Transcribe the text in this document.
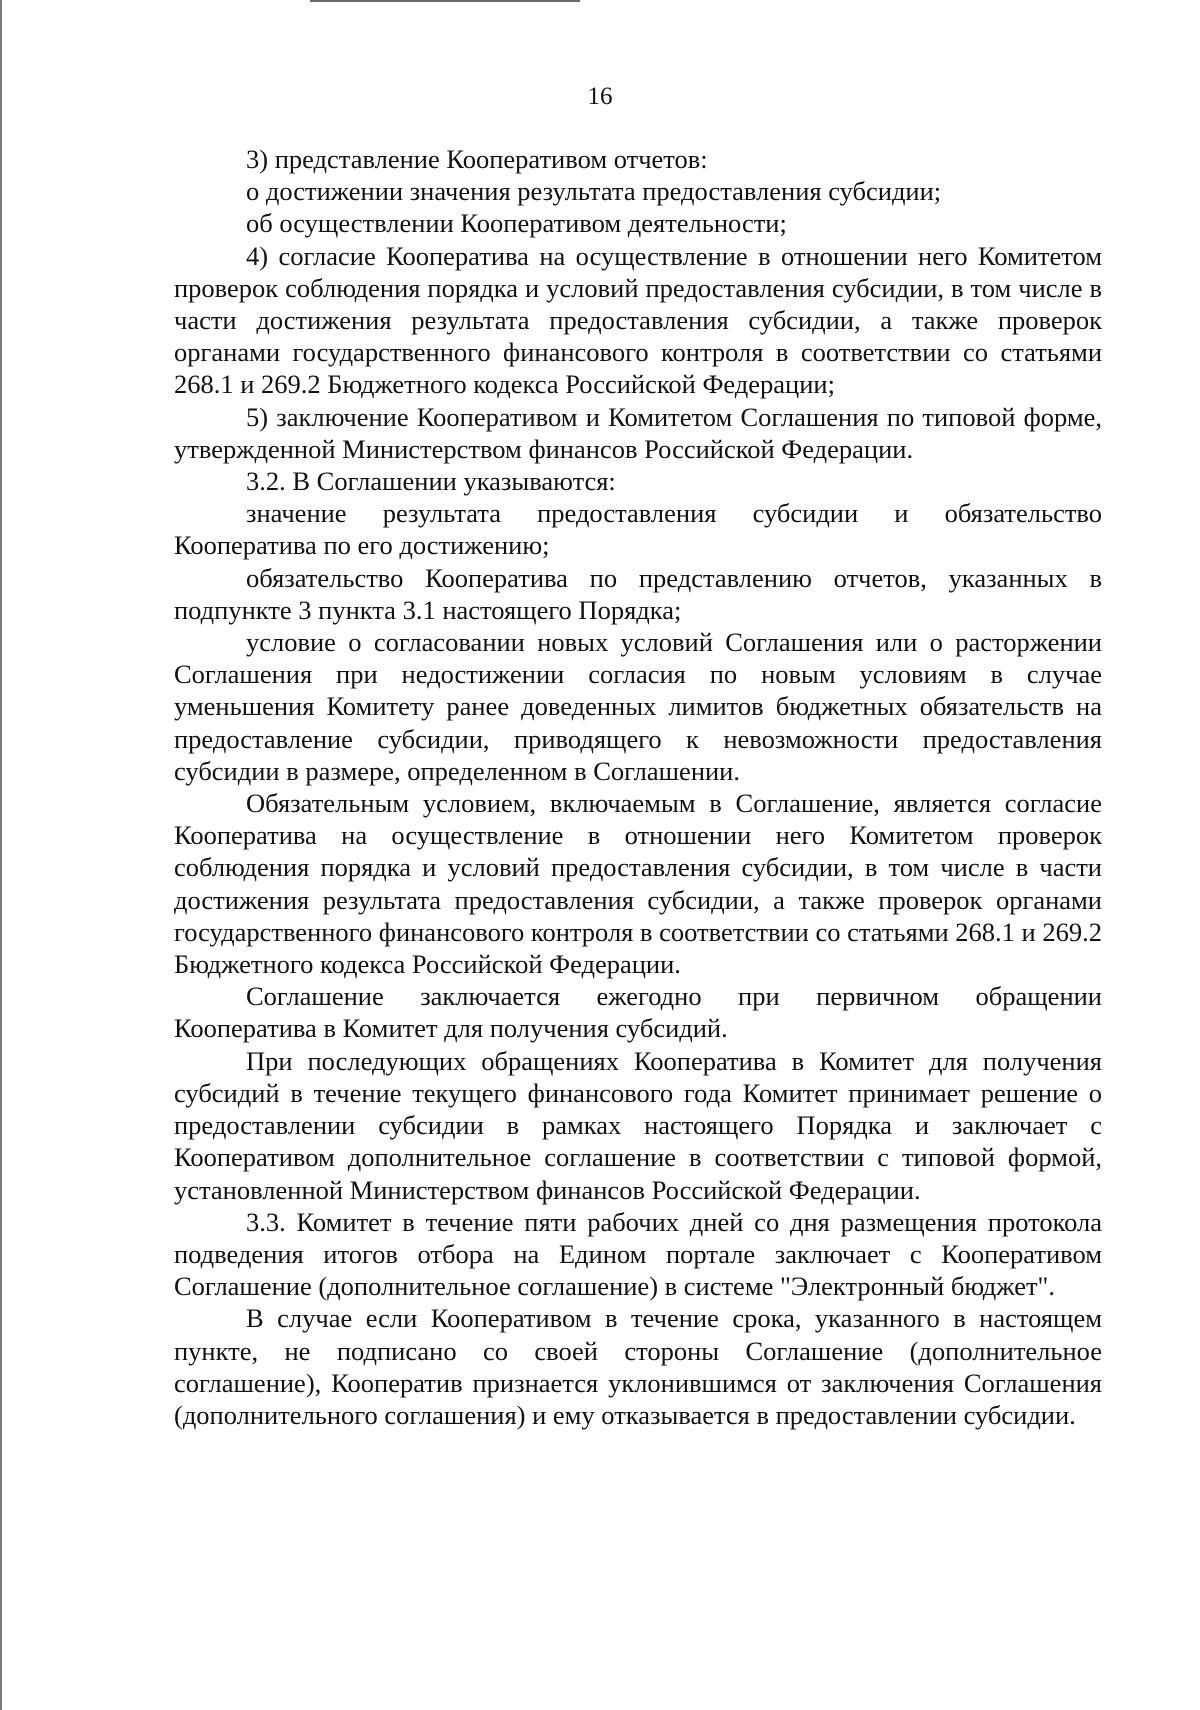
16

3) представление Кооперативом отчетов:

о достижении значения результата предоставления субсидии;

об осуществлении Кооперативом деятельности;

4) согласие Кооператива на осуществление в отношении него Комитетом проверок соблюдения порядка и условий предоставления субсидии, в том числе в части достижения результата предоставления субсидии, а также проверок органами государственного финансового контроля в соответствии со статьями 268.1 и 269.2 Бюджетного кодекса Российской Федерации;

5) заключение Кооперативом и Комитетом Соглашения по типовой форме, утвержденной Министерством финансов Российской Федерации.

3.2. В Соглашении указываются:

значение результата предоставления субсидии и обязательство Кооператива по его достижению;

обязательство Кооператива по представлению отчетов, указанных в подпункте 3 пункта 3.1 настоящего Порядка;

условие о согласовании новых условий Соглашения или о расторжении Соглашения при недостижении согласия по новым условиям в случае уменьшения Комитету ранее доведенных лимитов бюджетных обязательств на предоставление субсидии, приводящего к невозможности предоставления субсидии в размере, определенном в Соглашении.

Обязательным условием, включаемым в Соглашение, является согласие Кооператива на осуществление в отношении него Комитетом проверок соблюдения порядка и условий предоставления субсидии, в том числе в части достижения результата предоставления субсидии, а также проверок органами государственного финансового контроля в соответствии со статьями 268.1 и 269.2 Бюджетного кодекса Российской Федерации.

Соглашение заключается ежегодно при первичном обращении Кооператива в Комитет для получения субсидий.

При последующих обращениях Кооператива в Комитет для получения субсидий в течение текущего финансового года Комитет принимает решение о предоставлении субсидии в рамках настоящего Порядка и заключает с Кооперативом дополнительное соглашение в соответствии с типовой формой, установленной Министерством финансов Российской Федерации.

3.3. Комитет в течение пяти рабочих дней со дня размещения протокола подведения итогов отбора на Едином портале заключает с Кооперативом Соглашение (дополнительное соглашение) в системе "Электронный бюджет".

В случае если Кооперативом в течение срока, указанного в настоящем пункте, не подписано со своей стороны Соглашение (дополнительное соглашение), Кооператив признается уклонившимся от заключения Соглашения (дополнительного соглашения) и ему отказывается в предоставлении субсидии.
